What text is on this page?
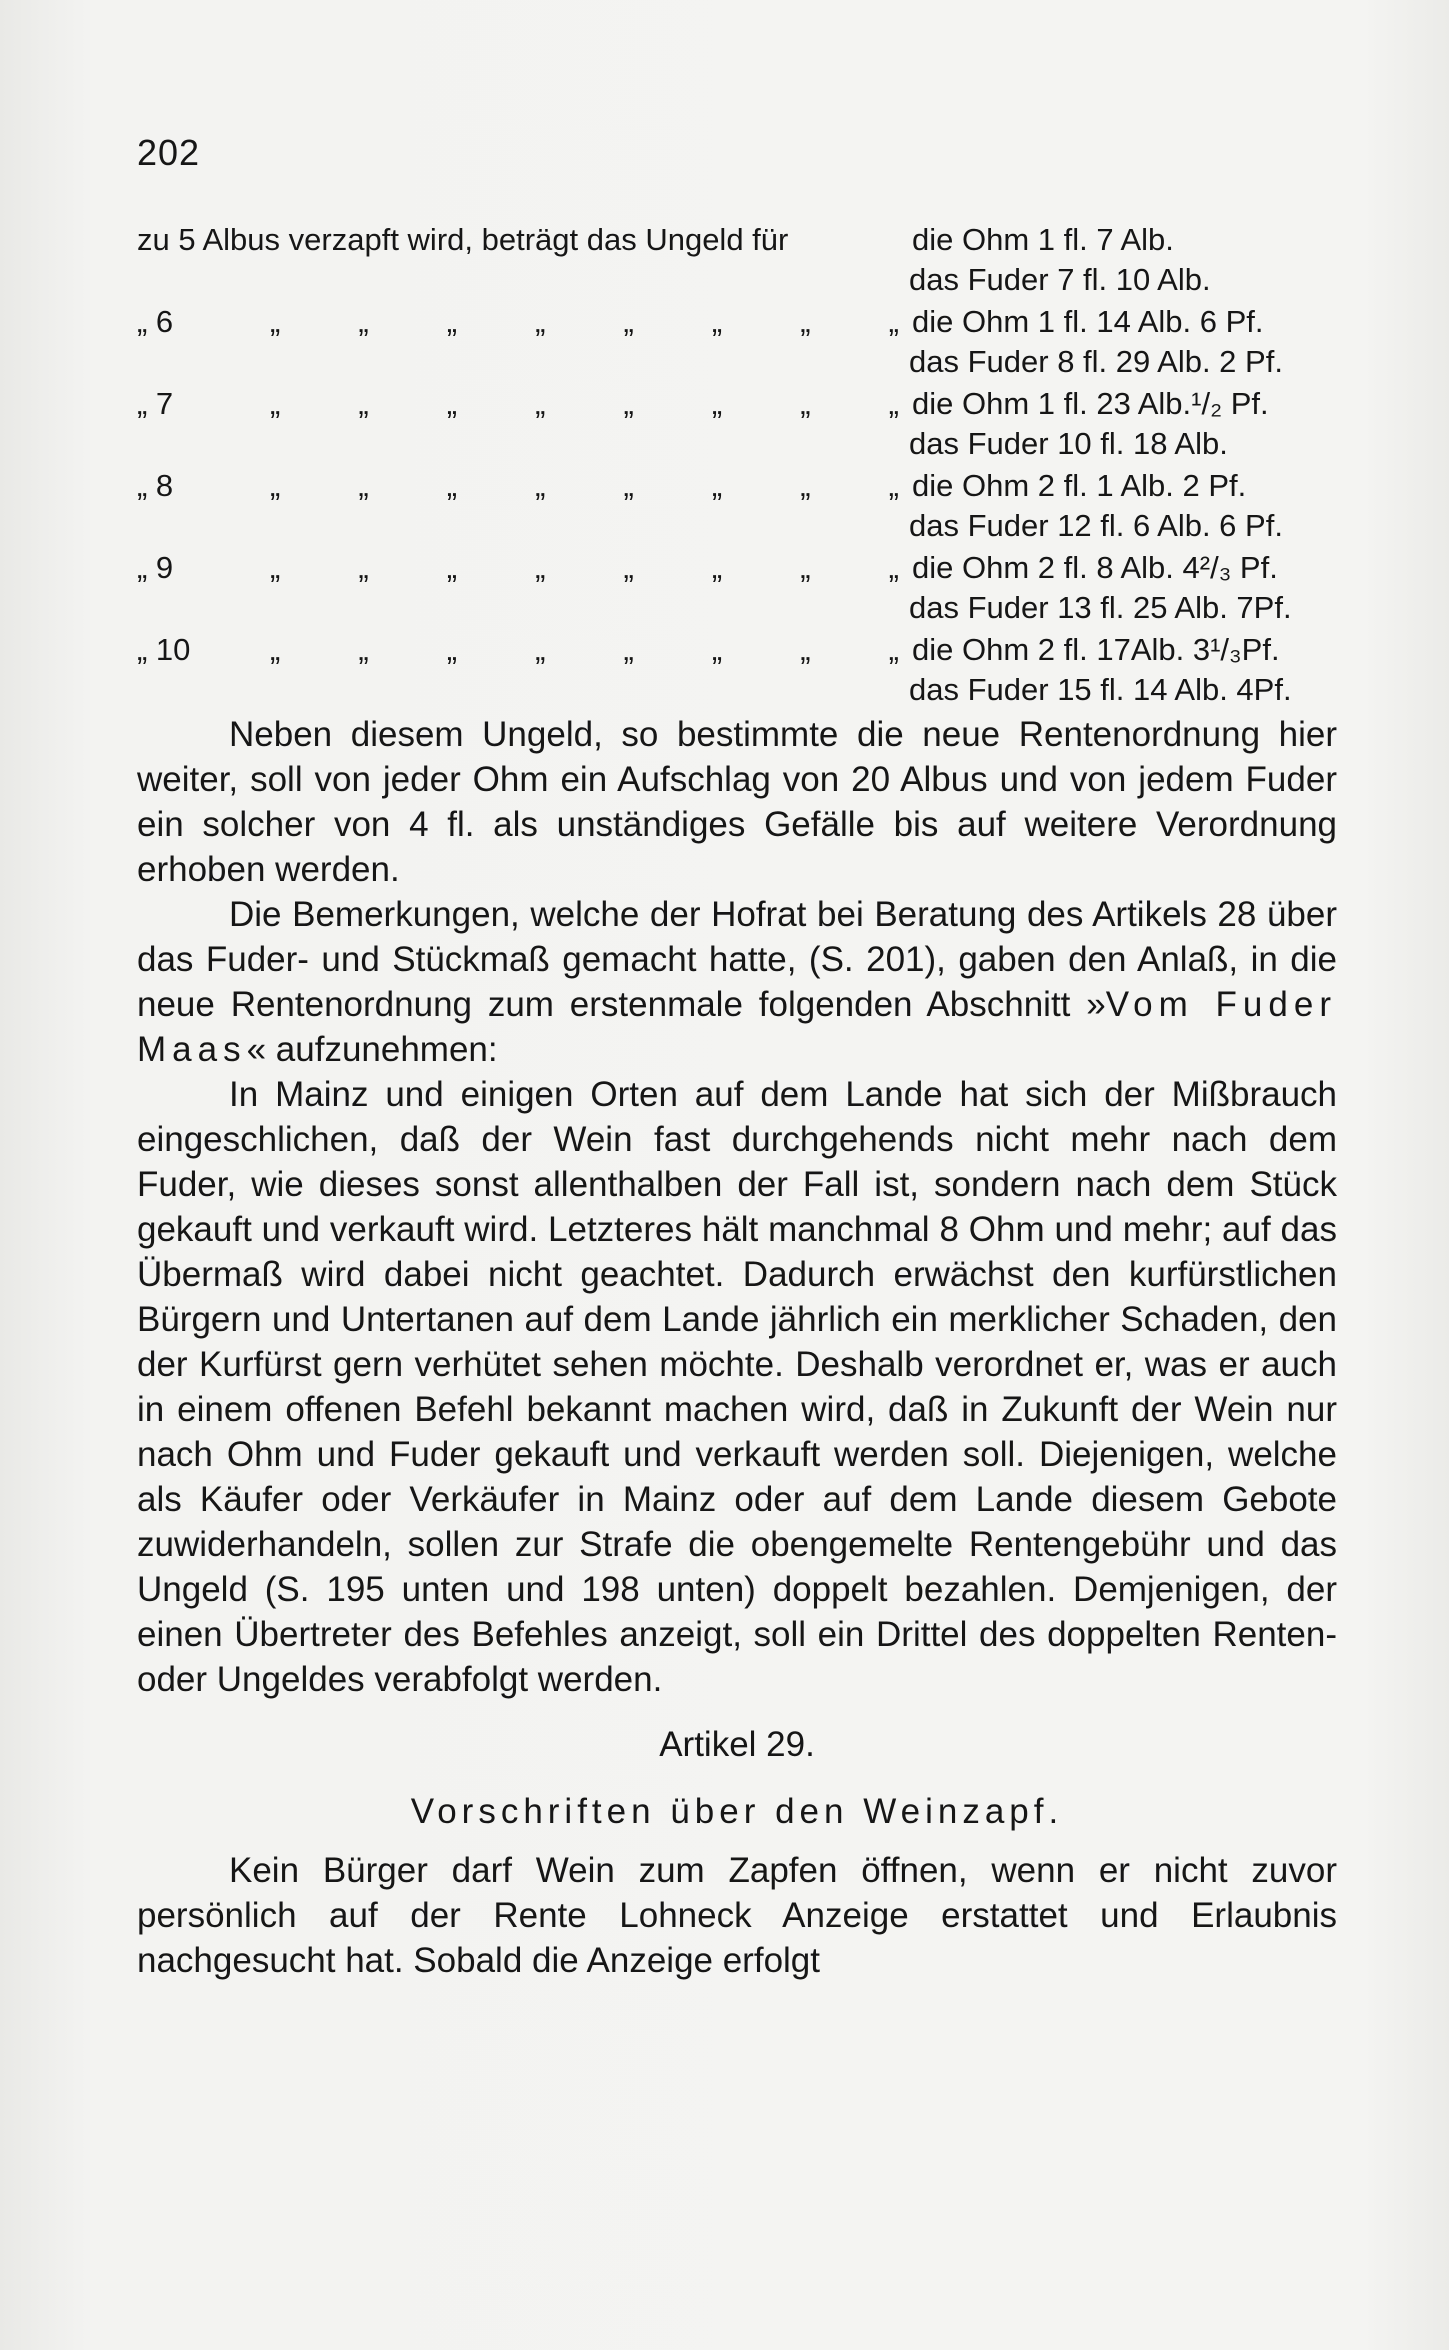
202
zu 5 Albus verzapft wird, beträgt das Ungeld für	die Ohm 1 fl. 7 Alb.
das Fuder 7 fl. 10 Alb.
„ 6	„	„	„	„	„	„	„	„ die Ohm 1 fl. 14 Alb. 6 Pf.
das Fuder 8 fl. 29 Alb. 2 Pf.
„ 7	„	„	„	„	„	„	„	„ die Ohm 1 fl. 23 Alb.¹/₂ Pf.
das Fuder 10 fl. 18 Alb.
„ 8	„	„	„	„	„	„	„	„ die Ohm 2 fl. 1 Alb. 2 Pf.
das Fuder 12 fl. 6 Alb. 6 Pf.
„ 9	„	„	„	„	„	„	„	„ die Ohm 2 fl. 8 Alb. 4²/₃ Pf.
das Fuder 13 fl. 25 Alb. 7Pf.
„ 10	„	„	„	„	„	„	„	„ die Ohm 2 fl. 17Alb. 3¹/₃Pf.
das Fuder 15 fl. 14 Alb. 4Pf.

Neben diesem Ungeld, so bestimmte die neue Rentenordnung hier weiter, soll von jeder Ohm ein Aufschlag von 20 Albus und von jedem Fuder ein solcher von 4 fl. als unständiges Gefälle bis auf weitere Verordnung erhoben werden.

Die Bemerkungen, welche der Hofrat bei Beratung des Artikels 28 über das Fuder- und Stückmaß gemacht hatte, (S. 201), gaben den Anlaß, in die neue Rentenordnung zum erstenmale folgenden Abschnitt »Vom Fuder Maas« aufzunehmen:

In Mainz und einigen Orten auf dem Lande hat sich der Mißbrauch eingeschlichen, daß der Wein fast durchgehends nicht mehr nach dem Fuder, wie dieses sonst allenthalben der Fall ist, sondern nach dem Stück gekauft und verkauft wird. Letzteres hält manchmal 8 Ohm und mehr; auf das Übermaß wird dabei nicht geachtet. Dadurch erwächst den kurfürstlichen Bürgern und Untertanen auf dem Lande jährlich ein merklicher Schaden, den der Kurfürst gern verhütet sehen möchte. Deshalb verordnet er, was er auch in einem offenen Befehl bekannt machen wird, daß in Zukunft der Wein nur nach Ohm und Fuder gekauft und verkauft werden soll. Diejenigen, welche als Käufer oder Verkäufer in Mainz oder auf dem Lande diesem Gebote zuwiderhandeln, sollen zur Strafe die obengemelte Rentengebühr und das Ungeld (S. 195 unten und 198 unten) doppelt bezahlen. Demjenigen, der einen Übertreter des Befehles anzeigt, soll ein Drittel des doppelten Renten- oder Ungeldes verabfolgt werden.

Artikel 29.

Vorschriften über den Weinzapf.

Kein Bürger darf Wein zum Zapfen öffnen, wenn er nicht zuvor persönlich auf der Rente Lohneck Anzeige erstattet und Erlaubnis nachgesucht hat. Sobald die Anzeige erfolgt
